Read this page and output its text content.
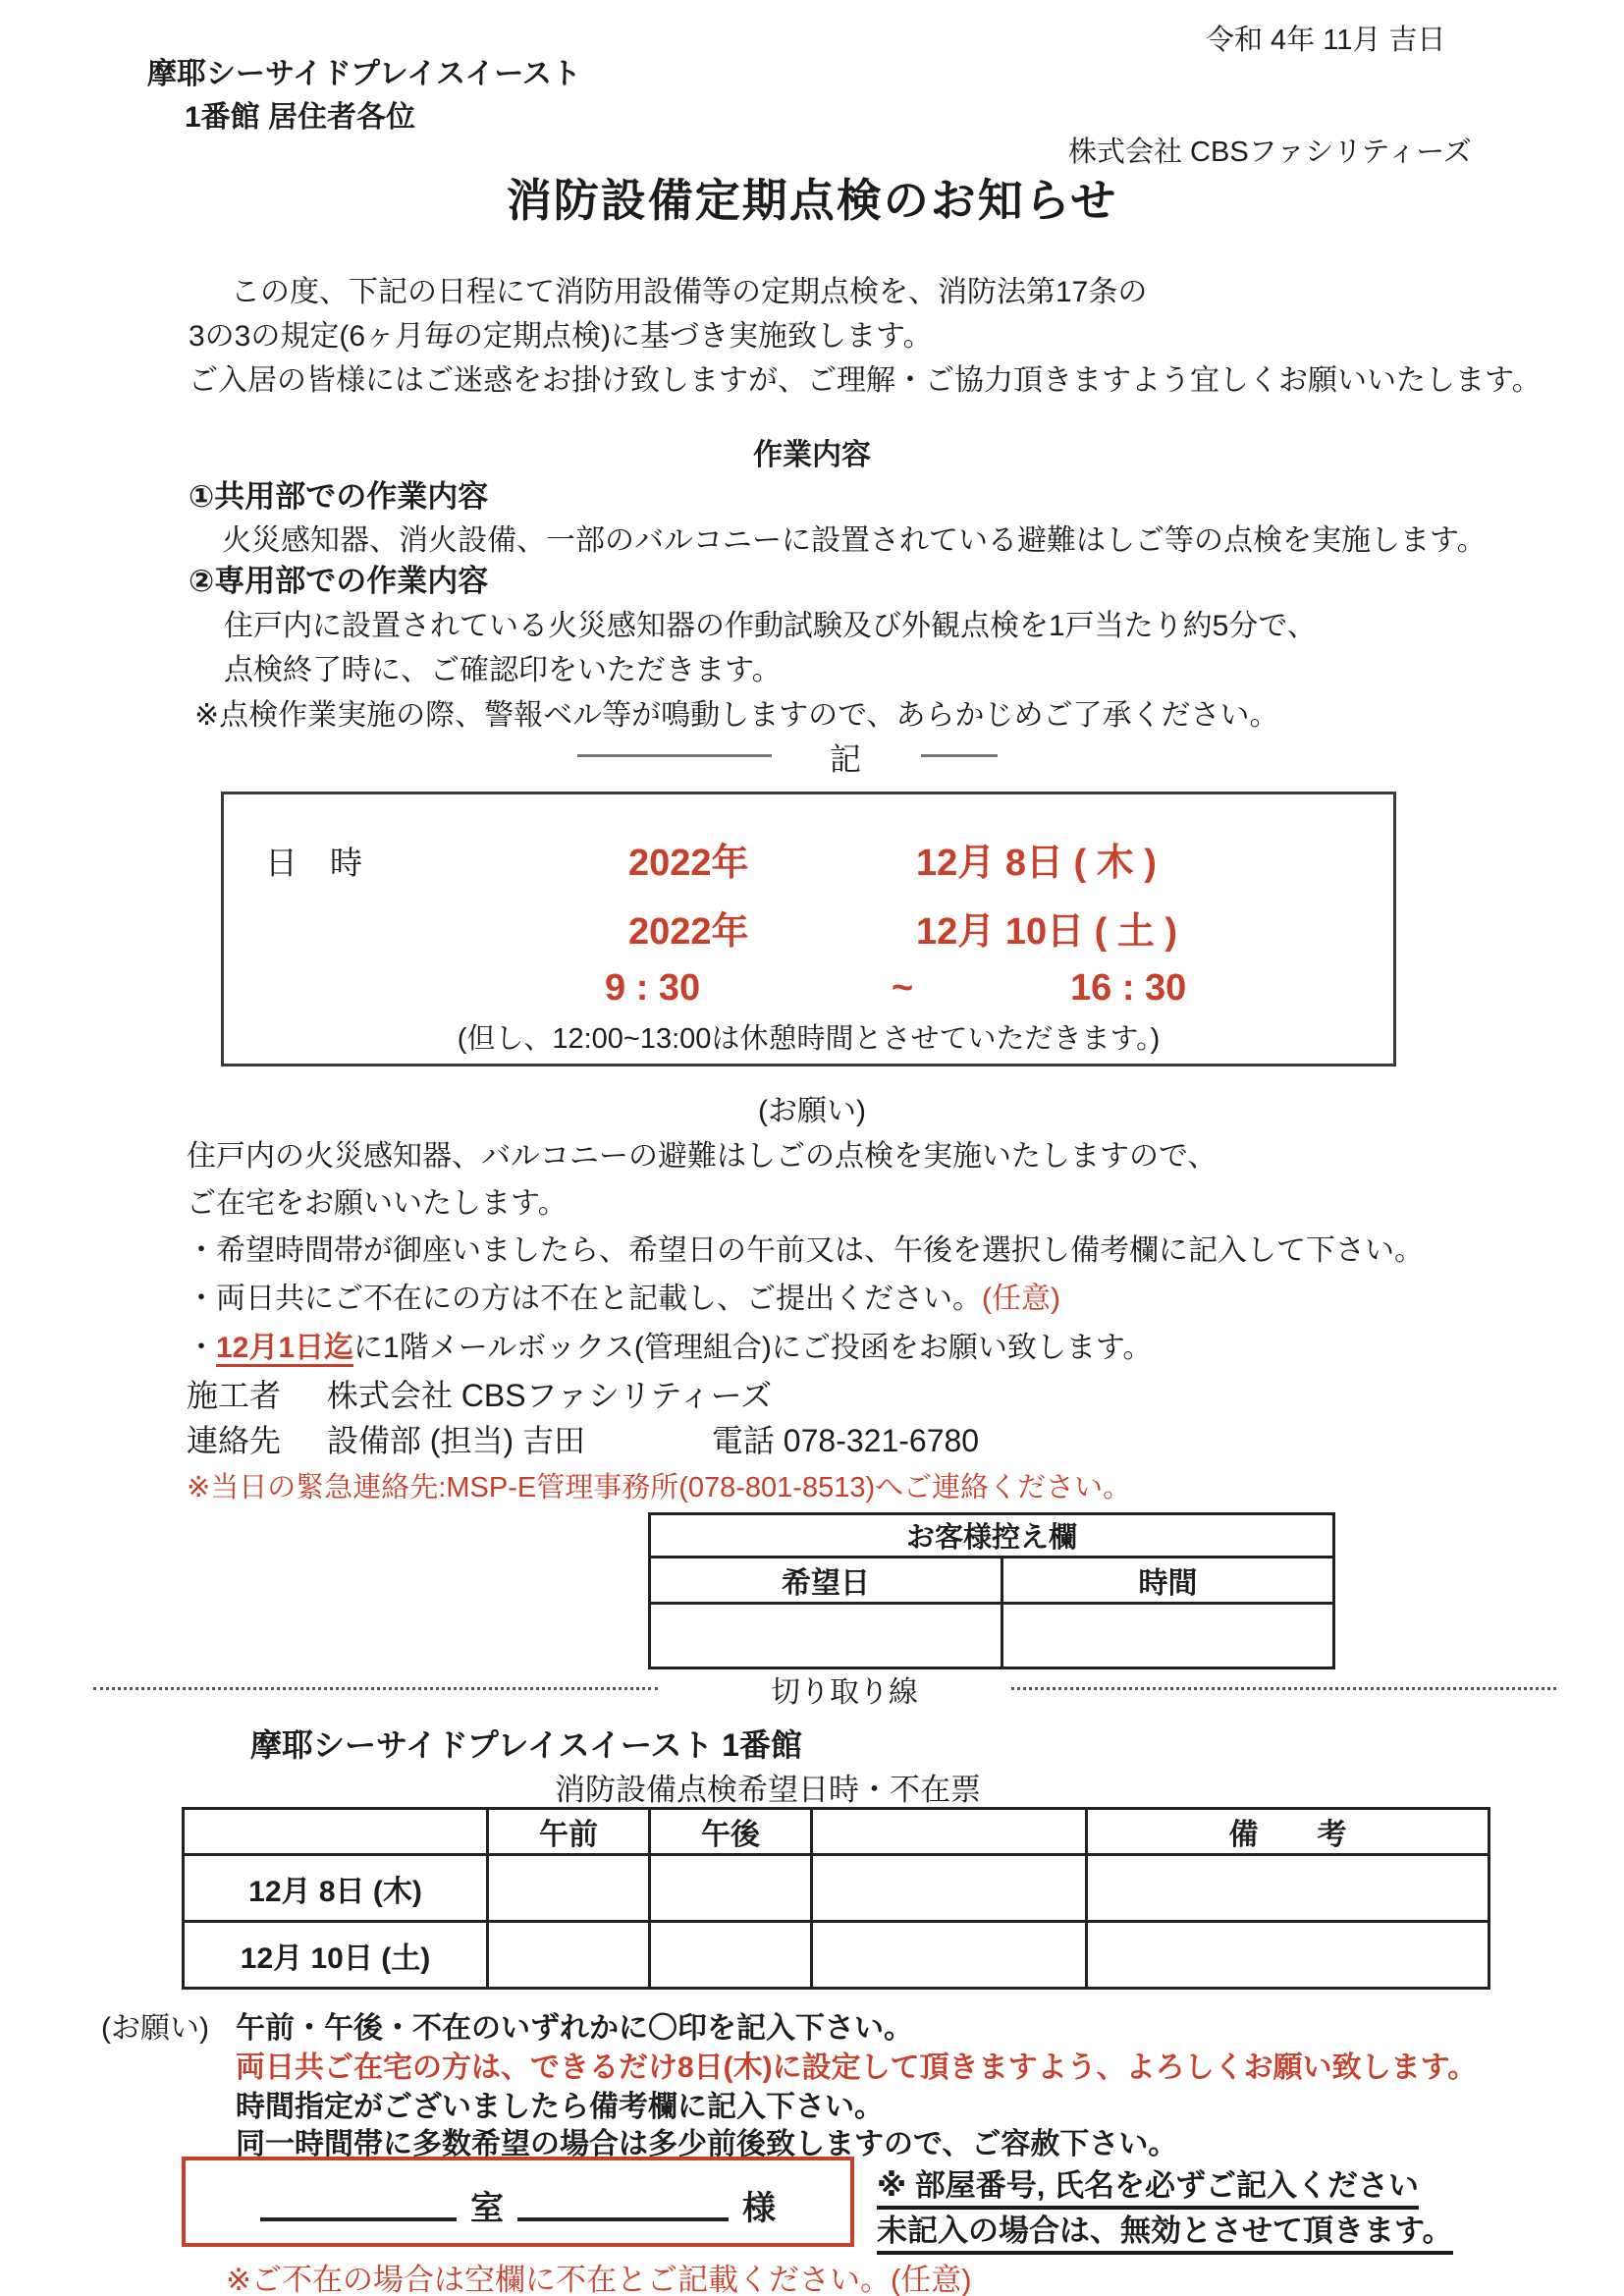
令和 4年 11月 吉日
摩耶シーサイドプレイスイースト
1番館 居住者各位
株式会社 CBSファシリティーズ
消防設備定期点検のお知らせ
この度、下記の日程にて消防用設備等の定期点検を、消防法第17条の
3の3の規定(6ヶ月毎の定期点検)に基づき実施致します。
ご入居の皆様にはご迷惑をお掛け致しますが、ご理解・ご協力頂きますよう宜しくお願いいたします。
作業内容
①共用部での作業内容
火災感知器、消火設備、一部のバルコニーに設置されている避難はしご等の点検を実施します。
②専用部での作業内容
住戸内に設置されている火災感知器の作動試験及び外観点検を1戸当たり約5分で、
点検終了時に、ご確認印をいただきます。
※点検作業実施の際、警報ベル等が鳴動しますので、あらかじめご了承ください。
記
日　時	2022年	12月 8日 ( 木 )
2022年	12月 10日 ( 土 )
9 : 30	~	16 : 30
(但し、12:00~13:00は休憩時間とさせていただきます。)
(お願い)
住戸内の火災感知器、バルコニーの避難はしごの点検を実施いたしますので、
ご在宅をお願いいたします。
・希望時間帯が御座いましたら、希望日の午前又は、午後を選択し備考欄に記入して下さい。
・両日共にご不在にの方は不在と記載し、ご提出ください。(任意)
・12月1日迄に1階メールボックス(管理組合)にご投函をお願い致します。
施工者 株式会社 CBSファシリティーズ
連絡先 設備部 (担当) 吉田	電話 078-321-6780
※当日の緊急連絡先:MSP-E管理事務所(078-801-8513)へご連絡ください。
お客様控え欄	
希望日	時間

切り取り線
摩耶シーサイドプレイスイースト 1番館
消防設備点検希望日時・不在票
	午前	午後		備　　考
12月 8日 (木)				
12月 10日 (土)				
(お願い) 午前・午後・不在のいずれかに〇印を記入下さい。
両日共ご在宅の方は、できるだけ8日(木)に設定して頂きますよう、よろしくお願い致します。
時間指定がございましたら備考欄に記入下さい。
同一時間帯に多数希望の場合は多少前後致しますので、ご容赦下さい。
室	様
※ 部屋番号, 氏名を必ずご記入ください
未記入の場合は、無効とさせて頂きます。
※ご不在の場合は空欄に不在とご記載ください。(任意)
